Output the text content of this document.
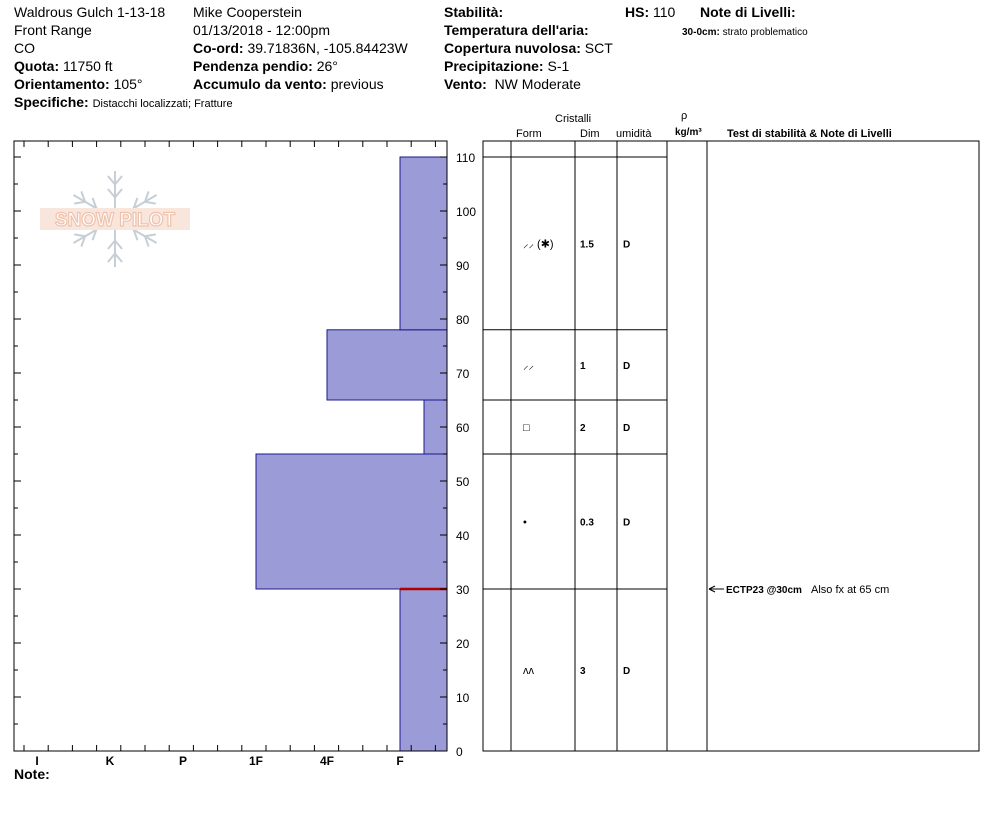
Waldrous Gulch 1-13-18
Front Range
CO
Quota: 11750 ft
Orientamento: 105°
Specifiche: Distacchi localizzati; Fratture
Mike Cooperstein
01/13/2018 - 12:00pm
Co-ord: 39.71836N, -105.84423W
Pendenza pendio: 26°
Accumulo da vento: previous
Stabilità:
Temperatura dell'aria:
Copertura nuvolosa: SCT
Precipitazione: S-1
Vento: NW Moderate
HS: 110 Note di Livelli:
30-0cm: strato problematico
Cristalli
Form	Dim umidità
ρ
kg/m³ Test di stabilità & Note di Livelli
Note:
SNOW PILOT
0
10
20
30
40
50
60
70
80
90
100
110
I	K	P	1F	4F	F
⸝⸝ (✱)	1.5	D
⸝⸝	1	D
□	2	D
•	0.3	D
ʌʌ	3	D
ECTP23 @30cm Also fx at 65 cm
